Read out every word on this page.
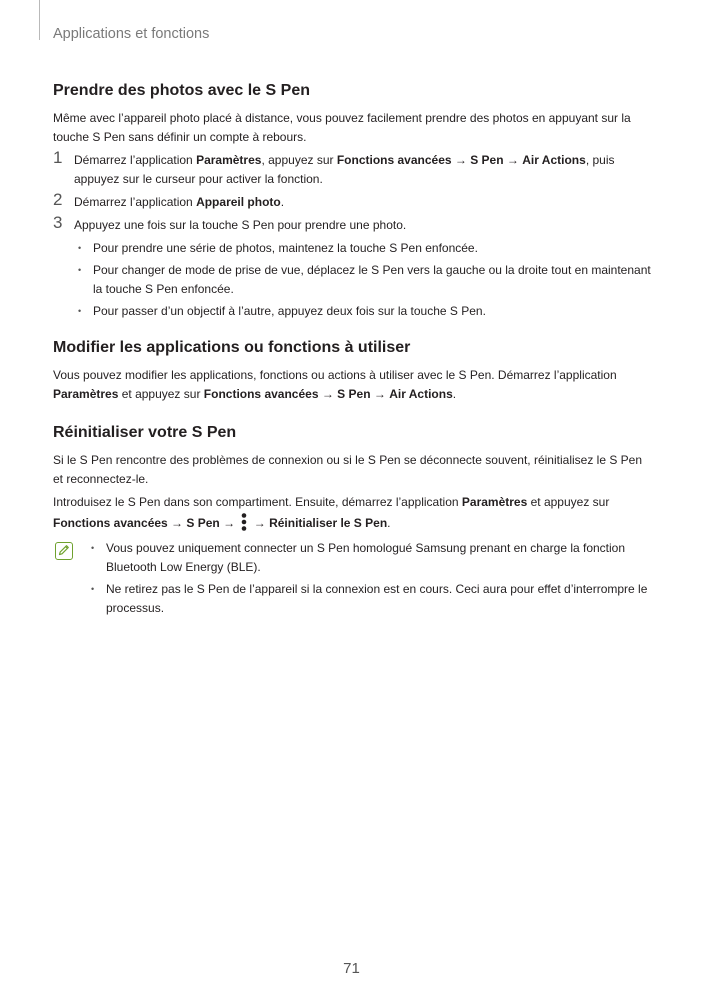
Applications et fonctions
Prendre des photos avec le S Pen

Même avec l’appareil photo placé à distance, vous pouvez facilement prendre des photos en appuyant sur la touche S Pen sans définir un compte à rebours.

1 Démarrez l’application Paramètres, appuyez sur Fonctions avancées → S Pen → Air Actions, puis appuyez sur le curseur pour activer la fonction.
2 Démarrez l’application Appareil photo.
3 Appuyez une fois sur la touche S Pen pour prendre une photo.
• Pour prendre une série de photos, maintenez la touche S Pen enfoncée.
• Pour changer de mode de prise de vue, déplacez le S Pen vers la gauche ou la droite tout en maintenant la touche S Pen enfoncée.
• Pour passer d’un objectif à l’autre, appuyez deux fois sur la touche S Pen.
Modifier les applications ou fonctions à utiliser

Vous pouvez modifier les applications, fonctions ou actions à utiliser avec le S Pen. Démarrez l’application Paramètres et appuyez sur Fonctions avancées → S Pen → Air Actions.

Réinitialiser votre S Pen

Si le S Pen rencontre des problèmes de connexion ou si le S Pen se déconnecte souvent, réinitialisez le S Pen et reconnectez-le.

Introduisez le S Pen dans son compartiment. Ensuite, démarrez l’application Paramètres et appuyez sur Fonctions avancées → S Pen →  → Réinitialiser le S Pen.

• Vous pouvez uniquement connecter un S Pen homologué Samsung prenant en charge la fonction Bluetooth Low Energy (BLE).
• Ne retirez pas le S Pen de l’appareil si la connexion est en cours. Ceci aura pour effet d’interrompre le processus.
71
